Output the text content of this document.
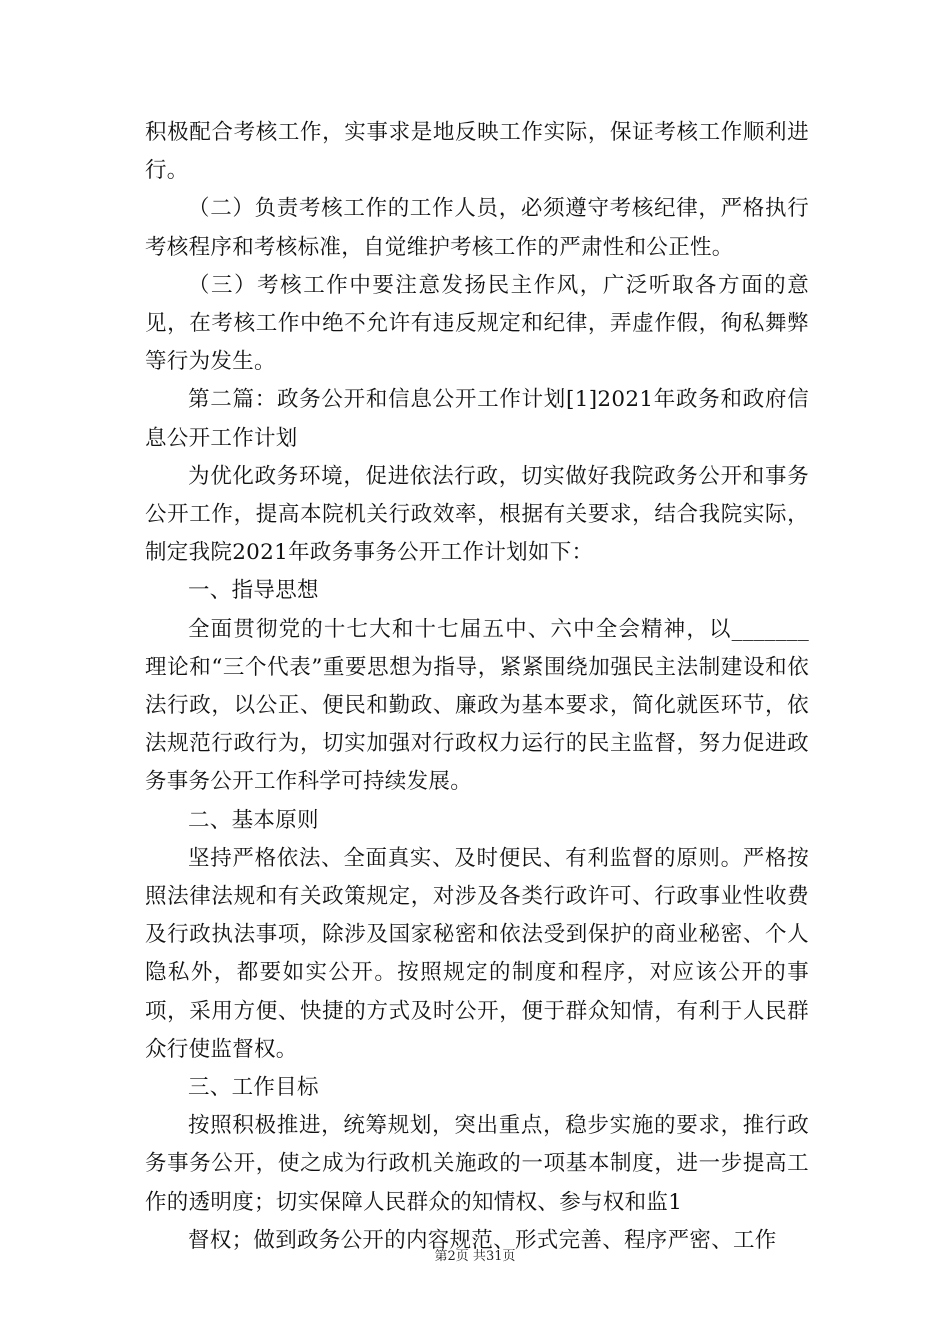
积极配合考核工作，实事求是地反映工作实际，保证考核工作顺利进行。

（二）负责考核工作的工作人员，必须遵守考核纪律，严格执行考核程序和考核标准，自觉维护考核工作的严肃性和公正性。

（三）考核工作中要注意发扬民主作风，广泛听取各方面的意见，在考核工作中绝不允许有违反规定和纪律，弄虚作假，徇私舞弊等行为发生。

第二篇：政务公开和信息公开工作计划[1]2021年政务和政府信息公开工作计划

为优化政务环境，促进依法行政，切实做好我院政务公开和事务公开工作，提高本院机关行政效率，根据有关要求，结合我院实际，制定我院2021年政务事务公开工作计划如下：

一、指导思想

全面贯彻党的十七大和十七届五中、六中全会精神，以_______理论和“三个代表”重要思想为指导，紧紧围绕加强民主法制建设和依法行政，以公正、便民和勤政、廉政为基本要求，简化就医环节，依法规范行政行为，切实加强对行政权力运行的民主监督，努力促进政务事务公开工作科学可持续发展。

二、基本原则

坚持严格依法、全面真实、及时便民、有利监督的原则。严格按照法律法规和有关政策规定，对涉及各类行政许可、行政事业性收费及行政执法事项，除涉及国家秘密和依法受到保护的商业秘密、个人隐私外，都要如实公开。按照规定的制度和程序，对应该公开的事项，采用方便、快捷的方式及时公开，便于群众知情，有利于人民群众行使监督权。

三、工作目标

按照积极推进，统筹规划，突出重点，稳步实施的要求，推行政务事务公开，使之成为行政机关施政的一项基本制度，进一步提高工作的透明度；切实保障人民群众的知情权、参与权和监1

督权；做到政务公开的内容规范、形式完善、程序严密、工作

第2页 共31页
